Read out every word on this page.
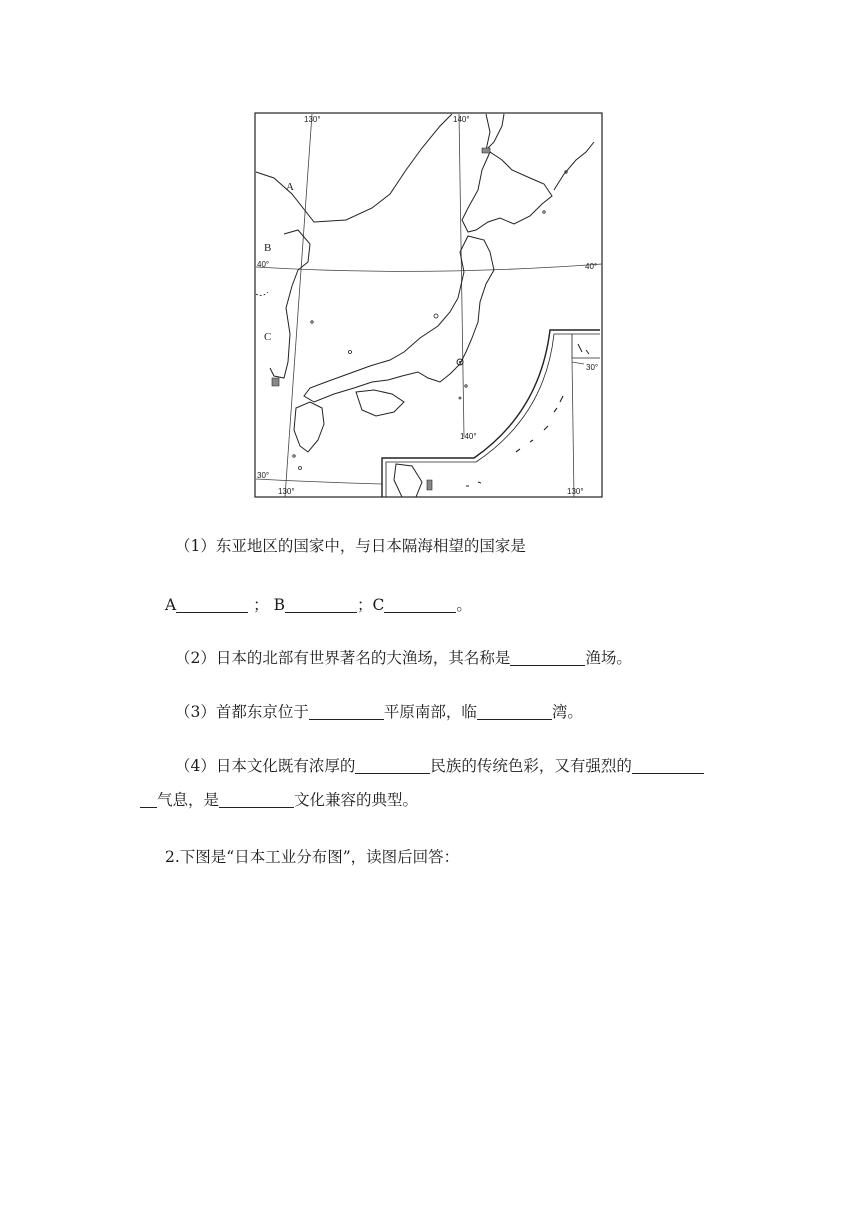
130°	140°
40°	40°
30°
30°
140°
130°	130°
A
B
C
（1）东亚地区的国家中，与日本隔海相望的国家是
A	； B	；C	。
（2）日本的北部有世界著名的大渔场，其名称是	渔场。
（3）首都东京位于	平原南部，临	湾。
（4）日本文化既有浓厚的	民族的传统色彩，又有强烈的
气息，是	文化兼容的典型。
2.下图是“日本工业分布图”，读图后回答：
